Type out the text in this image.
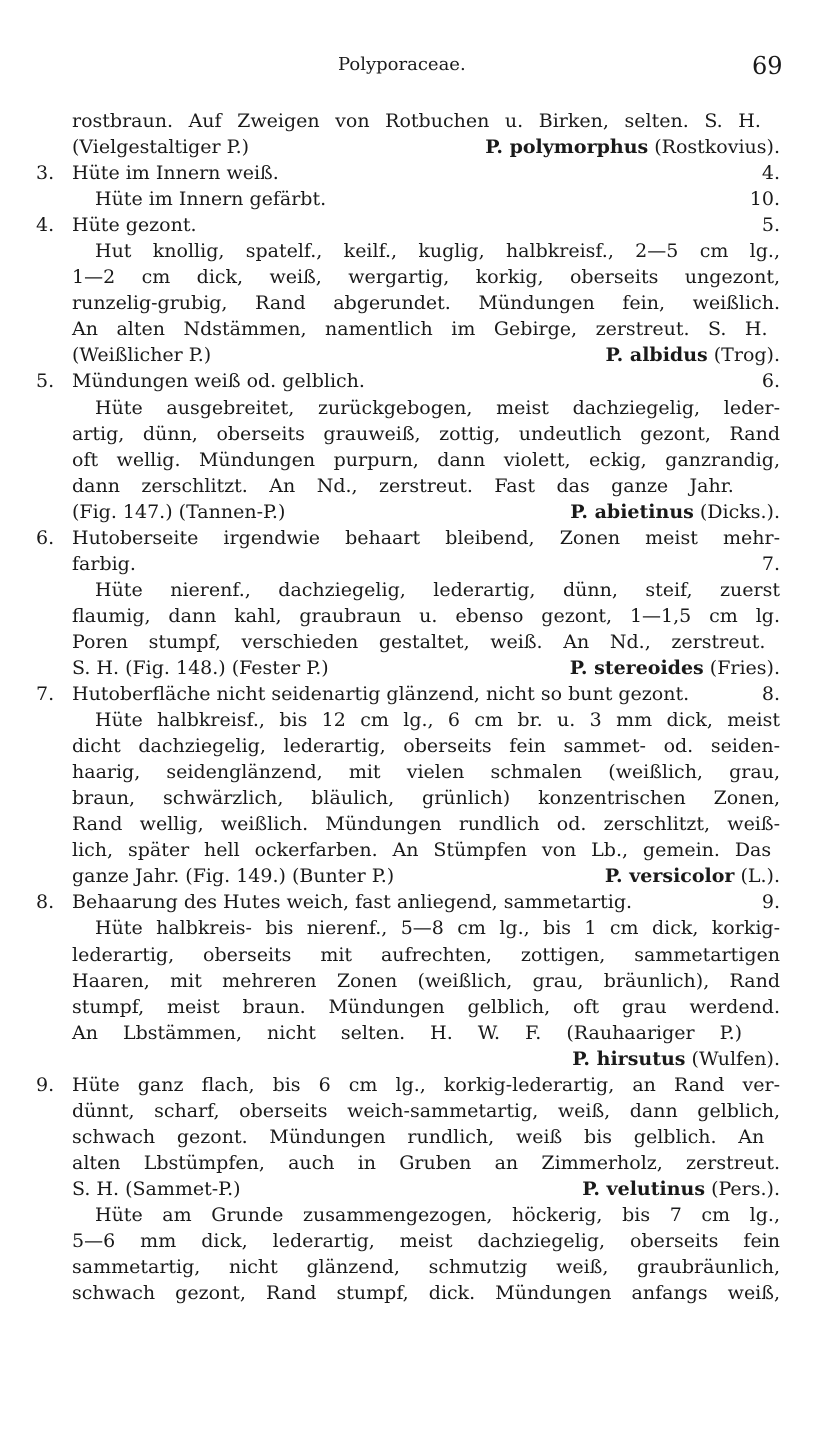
Polyporaceae.	69
rostbraun. Auf Zweigen von Rotbuchen u. Birken, selten. S. H.
(Vielgestaltiger P.)	P. polymorphus (Rostkovius).
3. Hüte im Innern weiß.	4.
Hüte im Innern gefärbt.	10.
4. Hüte gezont.	5.
Hut knollig, spatelf., keilf., kuglig, halbkreisf., 2—5 cm lg.,
1—2 cm dick, weiß, wergartig, korkig, oberseits ungezont,
runzelig-grubig, Rand abgerundet. Mündungen fein, weißlich.
An alten Ndstämmen, namentlich im Gebirge, zerstreut. S. H.
(Weißlicher P.)	P. albidus (Trog).
5. Mündungen weiß od. gelblich.	6.
Hüte ausgebreitet, zurückgebogen, meist dachziegelig, leder-
artig, dünn, oberseits grauweiß, zottig, undeutlich gezont, Rand
oft wellig. Mündungen purpurn, dann violett, eckig, ganzrandig,
dann zerschlitzt. An Nd., zerstreut. Fast das ganze Jahr.
(Fig. 147.) (Tannen-P.)	P. abietinus (Dicks.).
6. Hutoberseite irgendwie behaart bleibend, Zonen meist mehr-
farbig.	7.
Hüte nierenf., dachziegelig, lederartig, dünn, steif, zuerst
flaumig, dann kahl, graubraun u. ebenso gezont, 1—1,5 cm lg.
Poren stumpf, verschieden gestaltet, weiß. An Nd., zerstreut.
S. H. (Fig. 148.) (Fester P.)	P. stereoides (Fries).
7. Hutoberfläche nicht seidenartig glänzend, nicht so bunt gezont.	8.
Hüte halbkreisf., bis 12 cm lg., 6 cm br. u. 3 mm dick, meist
dicht dachziegelig, lederartig, oberseits fein sammet- od. seiden-
haarig, seidenglänzend, mit vielen schmalen (weißlich, grau,
braun, schwärzlich, bläulich, grünlich) konzentrischen Zonen,
Rand wellig, weißlich. Mündungen rundlich od. zerschlitzt, weiß-
lich, später hell ockerfarben. An Stümpfen von Lb., gemein. Das
ganze Jahr. (Fig. 149.) (Bunter P.)	P. versicolor (L.).
8. Behaarung des Hutes weich, fast anliegend, sammetartig.	9.
Hüte halbkreis- bis nierenf., 5—8 cm lg., bis 1 cm dick, korkig-
lederartig, oberseits mit aufrechten, zottigen, sammetartigen
Haaren, mit mehreren Zonen (weißlich, grau, bräunlich), Rand
stumpf, meist braun. Mündungen gelblich, oft grau werdend.
An Lbstämmen, nicht selten. H. W. F. (Rauhaariger P.)
P. hirsutus (Wulfen).
9. Hüte ganz flach, bis 6 cm lg., korkig-lederartig, an Rand ver-
dünnt, scharf, oberseits weich-sammetartig, weiß, dann gelblich,
schwach gezont. Mündungen rundlich, weiß bis gelblich. An
alten Lbstümpfen, auch in Gruben an Zimmerholz, zerstreut.
S. H. (Sammet-P.)	P. velutinus (Pers.).
Hüte am Grunde zusammengezogen, höckerig, bis 7 cm lg.,
5—6 mm dick, lederartig, meist dachziegelig, oberseits fein
sammetartig, nicht glänzend, schmutzig weiß, graubräunlich,
schwach gezont, Rand stumpf, dick. Mündungen anfangs weiß,
